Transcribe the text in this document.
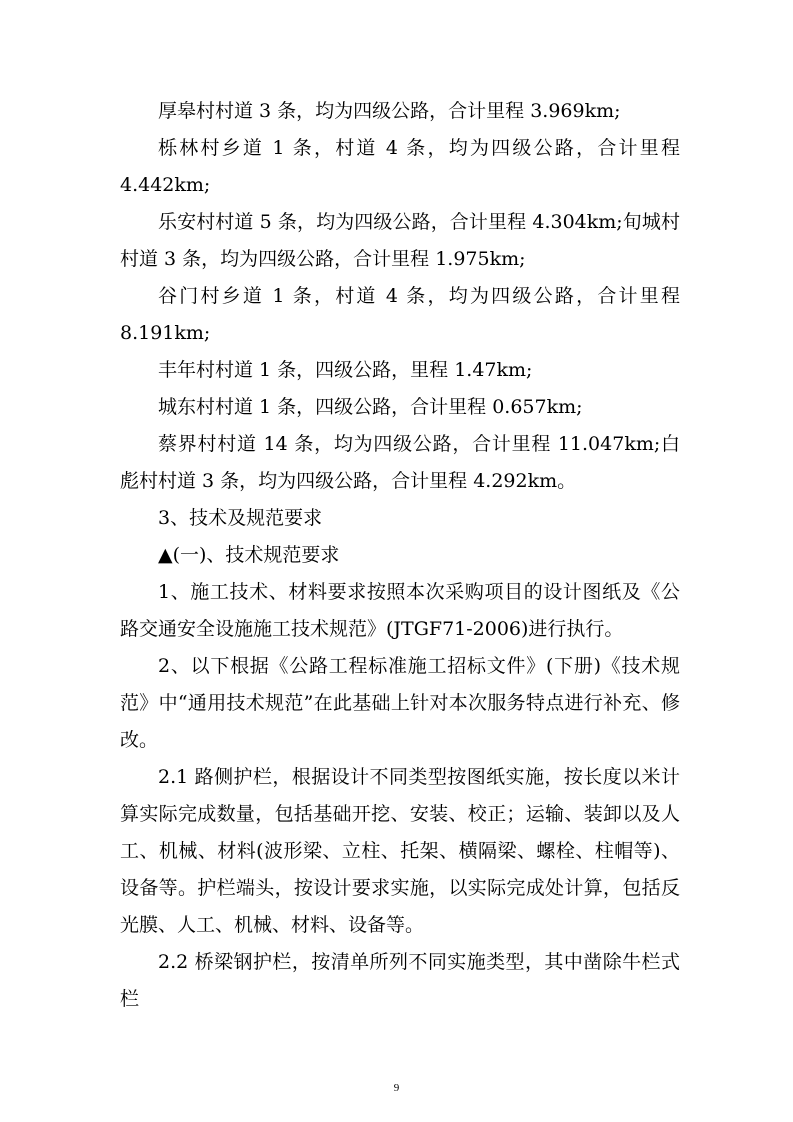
厚皋村村道 3 条，均为四级公路，合计里程 3.969km;

栎林村乡道 1 条，村道 4 条，均为四级公路，合计里程 4.442km;

乐安村村道 5 条，均为四级公路，合计里程 4.304km;旬城村村道 3 条，均为四级公路，合计里程 1.975km;

谷门村乡道 1 条，村道 4 条，均为四级公路，合计里程 8.191km;

丰年村村道 1 条，四级公路，里程 1.47km;

城东村村道 1 条，四级公路，合计里程 0.657km;

蔡界村村道 14 条，均为四级公路，合计里程 11.047km;白彪村村道 3 条，均为四级公路，合计里程 4.292km。

3、技术及规范要求

▲(一)、技术规范要求

1、施工技术、材料要求按照本次采购项目的设计图纸及《公路交通安全设施施工技术规范》(JTGF71-2006)进行执行。

2、以下根据《公路工程标准施工招标文件》(下册)《技术规范》中“通用技术规范”在此基础上针对本次服务特点进行补充、修改。

2.1 路侧护栏，根据设计不同类型按图纸实施，按长度以米计算实际完成数量，包括基础开挖、安装、校正；运输、装卸以及人工、机械、材料(波形梁、立柱、托架、横隔梁、螺栓、柱帽等)、设备等。护栏端头，按设计要求实施，以实际完成处计算，包括反光膜、人工、机械、材料、设备等。

2.2 桥梁钢护栏，按清单所列不同实施类型，其中凿除牛栏式栏

9
